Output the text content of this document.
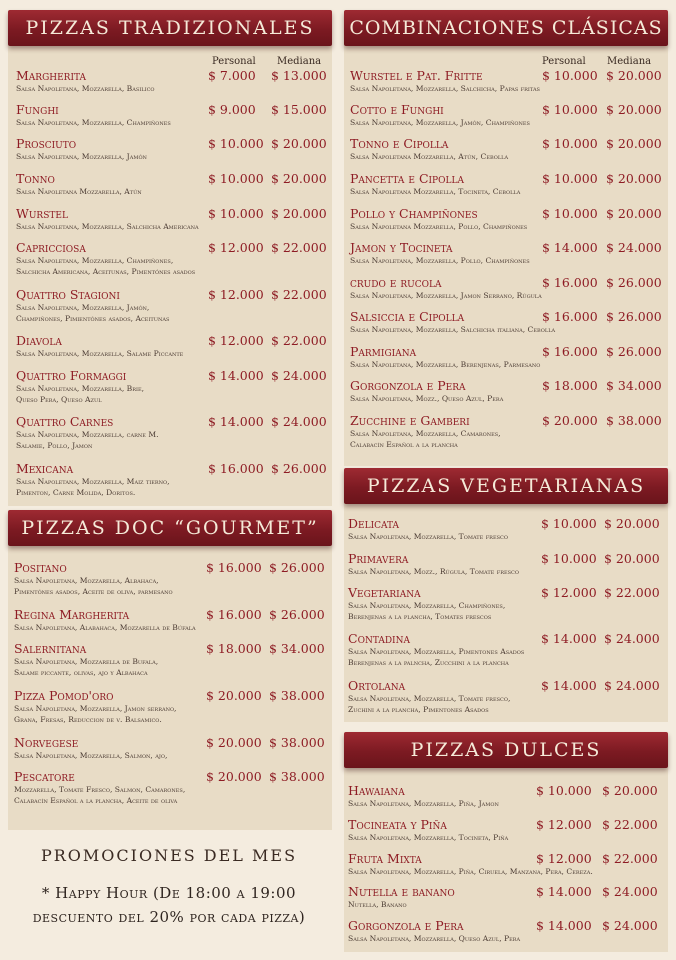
PIZZAS TRADIZIONALES	COMBINACIONES CLÁSICAS
PIZZAS DOC “GOURMET”
PIZZAS VEGETARIANAS
PIZZAS DULCES
Personal Mediana	Personal Mediana
Margherita
Salsa Napoletana, Mozzarella, Basilico
$ 7.000 $ 13.000
Funghi
Salsa Napoletana, Mozzarella, Champiñones
$ 9.000 $ 15.000
Prosciuto
Salsa Napoletana, Mozzarella, Jamón
$ 10.000 $ 20.000
Tonno
Salsa Napoletana Mozzarella, Atún
$ 10.000 $ 20.000
Wurstel
Salsa Napoletana, Mozzarella, Salchicha Americana
$ 10.000 $ 20.000
Capricciosa
Salsa Napoletana, Mozzarella, Champiñones,
Salchicha Americana, Aceitunas, Pimentónes asados
$ 12.000 $ 22.000
Quattro Stagioni
Salsa Napoletana, Mozzarella, Jamón,
Champiñones, Pimientónes asados, Aceitunas
$ 12.000 $ 22.000
Diavola
Salsa Napoletana, Mozzarella, Salame Piccante
$ 12.000 $ 22.000
Quattro Formaggi
Salsa Napoletana, Mozzarella, Brie,
Queso Pera, Queso Azul
$ 14.000 $ 24.000
Quattro Carnes
Salsa Napoletana, Mozzarella, carne M.
Salamie, Pollo, Jamon
$ 14.000 $ 24.000
Mexicana
Salsa Napoletana, Mozzarella, Maiz tierno,
Pimenton, Carne Molida, Doritos.
$ 16.000 $ 26.000
Wurstel e Pat. Fritte
Salsa Napoletana, Mozzarella, Salchicha, Papas fritas
$ 10.000 $ 20.000
Cotto e Funghi
Salsa Napoletana, Mozzarella, Jamón, Champiñones
$ 10.000 $ 20.000
Tonno e Cipolla
Salsa Napoletana Mozzarella, Atún, Cebolla
$ 10.000 $ 20.000
Pancetta e Cipolla
Salsa Napoletana Mozzarella, Tocineta, Cebolla
$ 10.000 $ 20.000
Pollo y Champiñones
Salsa Napoletana Mozzarella, Pollo, Champiñones
$ 10.000 $ 20.000
Jamon y Tocineta
Salsa Napoletana, Mozzarella, Pollo, Champiñones
$ 14.000 $ 24.000
crudo e rucola
Salsa Napoletana, Mozzarella, Jamon Serrano, Rúgula
$ 16.000 $ 26.000
Salsiccia e Cipolla
Salsa Napoletana, Mozzarella, Salchicha italiana, Cebolla
$ 16.000 $ 26.000
Parmigiana
Salsa Napoletana, Mozzarella, Berenjenas, Parmesano
$ 16.000 $ 26.000
Gorgonzola e Pera
Salsa Napoletana, Mozz., Queso Azul, Pera
$ 18.000 $ 34.000
Zucchine e Gamberi
Salsa Napoletana, Mozzarella, Camarones,
Calabacín Español a la plancha
$ 20.000 $ 38.000
Positano
Salsa Napoletana, Mozzarella, Albahaca,
Pimentónes asados, Aceite de oliva, parmesano
$ 16.000 $ 26.000
Regina Margherita
Salsa Napoletana, Alabahaca, Mozzarella de Búfala
$ 16.000 $ 26.000
Salernitana
Salsa Napoletana, Mozzarella de Bufala,
Salame piccante, olivas, ajo y Albahaca
$ 18.000 $ 34.000
Pizza Pomod'oro
Salsa Napoletana, Mozzarella, Jamon serrano,
Grana, Fresas, Reduccion de v. Balsamico.
$ 20.000 $ 38.000
Norvegese
Salsa Napoletana, Mozzarella, Salmon, ajo,
$ 20.000 $ 38.000
Pescatore
Mozzarella, Tomate Fresco, Salmon, Camarones,
Calabacín Español a la plancha, Aceite de oliva
$ 20.000 $ 38.000
Delicata
Salsa Napoletana, Mozzarella, Tomate fresco
$ 10.000 $ 20.000
Primavera
Salsa Napoletana, Mozz., Rúgula, Tomate fresco
$ 10.000 $ 20.000
Vegetariana
Salsa Napoletana, Mozzarella, Champiñones,
Berenjenas a la plancha, Tomates frescos
$ 12.000 $ 22.000
Contadina
Salsa Napoletana, Mozzarella, Pimentones Asados
Berenjenas a la palncha, Zucchini a la plancha
$ 14.000 $ 24.000
Ortolana
Salsa Napoletana, Mozzarella, Tomate fresco,
Zuchini a la plancha, Pimentones Asados
$ 14.000 $ 24.000
Hawaiana
Salsa Napoletana, Mozzarella, Piña, Jamon
$ 10.000 $ 20.000
Tocineata y Piña
Salsa Napoletana, Mozzarella, Tocineta, Piña
$ 12.000 $ 22.000
Fruta Mixta
Salsa Napoletana, Mozzarella, Piña, Ciruela, Manzana, Pera, Cereza.
$ 12.000 $ 22.000
Nutella e banano
Nutella, Banano
$ 14.000 $ 24.000
Gorgonzola e Pera
Salsa Napoletana, Mozzarella, Queso Azul, Pera
$ 14.000 $ 24.000
PROMOCIONES DEL MES
* Happy Hour (De 18:00 a 19:00
descuento del 20% por cada pizza)
